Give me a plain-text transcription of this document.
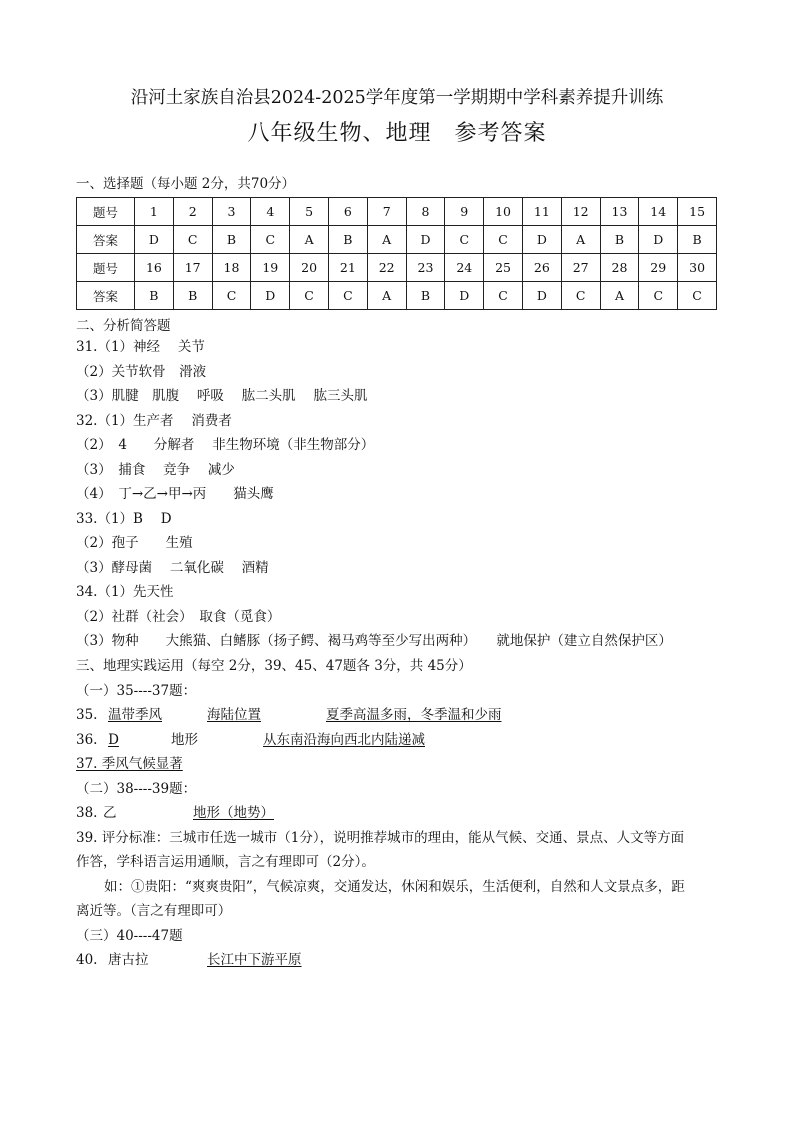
沿河土家族自治县2024-2025学年度第一学期期中学科素养提升训练
八年级生物、地理　参考答案
一、选择题（每小题 2分，共70分）
题号	1	2	3	4	5	6	7	8	9	10	11	12	13	14	15
答案	D	C	B	C	A	B	A	D	C	C	D	A	B	D	B
题号	16	17	18	19	20	21	22	23	24	25	26	27	28	29	30
答案	B	B	C	D	C	C	A	B	D	C	D	C	A	C	C
二、分析简答题
31.（1）神经　 关节
（2）关节软骨　滑液
（3）肌腱　肌腹　 呼吸　 肱二头肌　 肱三头肌
32.（1）生产者　 消费者
（2）　4　　分解者　 非生物环境（非生物部分）
（3）　捕食　 竞争　 减少
（4）　丁→乙→甲→丙　　猫头鹰
33.（1）B　 D
（2）孢子　　生殖
（3）酵母菌　 二氧化碳　 酒精
34.（1）先天性
（2）社群（社会）　取食（觅食）
（3）物种　　大熊猫、白鳍豚（扬子鳄、褐马鸡等至少写出两种）　　就地保护（建立自然保护区）
三、地理实践运用（每空 2分，39、45、47题各 3分，共 45分）
（一）35----37题：
35. 温带季风	海陆位置	夏季高温多雨，冬季温和少雨
36. D	地形	从东南沿海向西北内陆递减
37. 季风气候显著
（二）38----39题：
38. 乙	地形（地势）
39. 评分标准：三城市任选一城市（1分），说明推荐城市的理由，能从气候、交通、景点、人文等方面
作答，学科语言运用通顺，言之有理即可（2分）。
如：①贵阳：“爽爽贵阳”，气候凉爽，交通发达，休闲和娱乐，生活便利，自然和人文景点多，距
离近等。（言之有理即可）
（三）40----47题
40. 唐古拉	长江中下游平原
